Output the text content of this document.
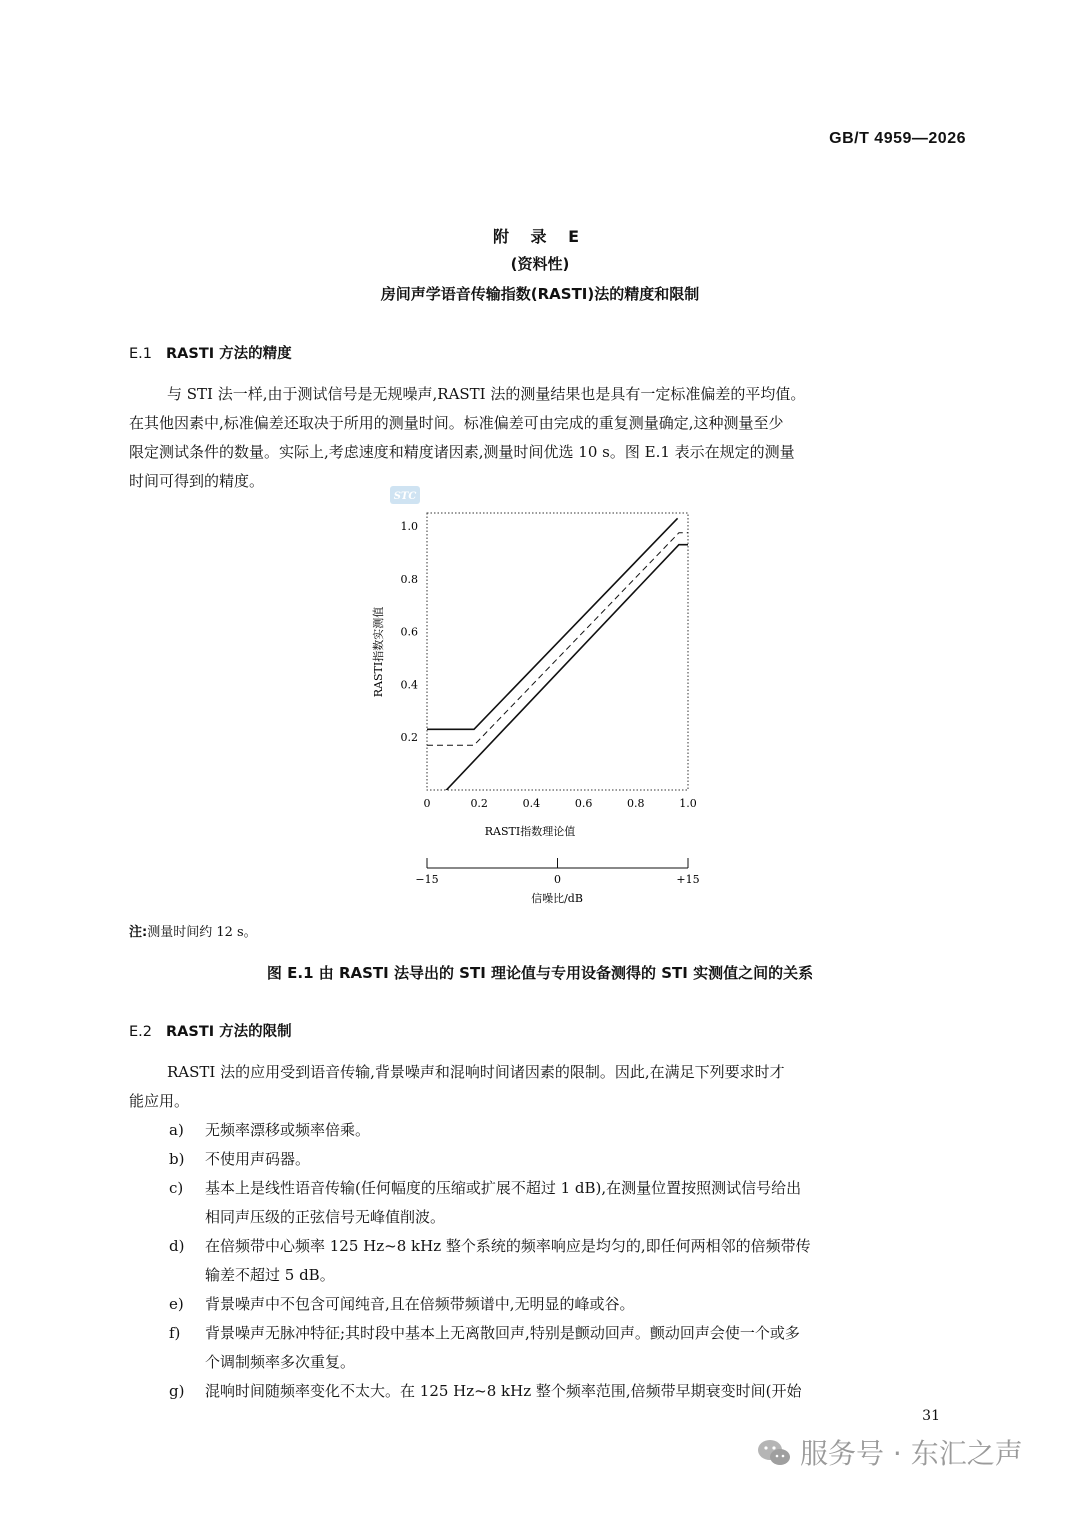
GB/T 4959—2026
附 录 E
(资料性)
房间声学语音传输指数(RASTI)法的精度和限制
E.1 RASTI 方法的精度
与 STI 法一样,由于测试信号是无规噪声,RASTI 法的测量结果也是具有一定标准偏差的平均值。
在其他因素中,标准偏差还取决于所用的测量时间。标准偏差可由完成的重复测量确定,这种测量至少
限定测试条件的数量。实际上,考虑速度和精度诸因素,测量时间优选 10 s。图 E.1 表示在规定的测量
时间可得到的精度。
STC
0.2
0.4
0.6
0.8
1.0
0	0.2	0.4	0.6	0.8	1.0
RASTI指数实测值
RASTI指数理论值
−15	0	+15
信噪比/dB
注:测量时间约 12 s。
图 E.1 由 RASTI 法导出的 STI 理论值与专用设备测得的 STI 实测值之间的关系
E.2 RASTI 方法的限制
RASTI 法的应用受到语音传输,背景噪声和混响时间诸因素的限制。因此,在满足下列要求时才
能应用。
a) 无频率漂移或频率倍乘。
b) 不使用声码器。
c) 基本上是线性语音传输(任何幅度的压缩或扩展不超过 1 dB),在测量位置按照测试信号给出
相同声压级的正弦信号无峰值削波。
d) 在倍频带中心频率 125 Hz~8 kHz 整个系统的频率响应是均匀的,即任何两相邻的倍频带传
输差不超过 5 dB。
e) 背景噪声中不包含可闻纯音,且在倍频带频谱中,无明显的峰或谷。
f) 背景噪声无脉冲特征;其时段中基本上无离散回声,特别是颤动回声。颤动回声会使一个或多
个调制频率多次重复。
g) 混响时间随频率变化不太大。在 125 Hz~8 kHz 整个频率范围,倍频带早期衰变时间(开始
31
服务号 · 东汇之声
